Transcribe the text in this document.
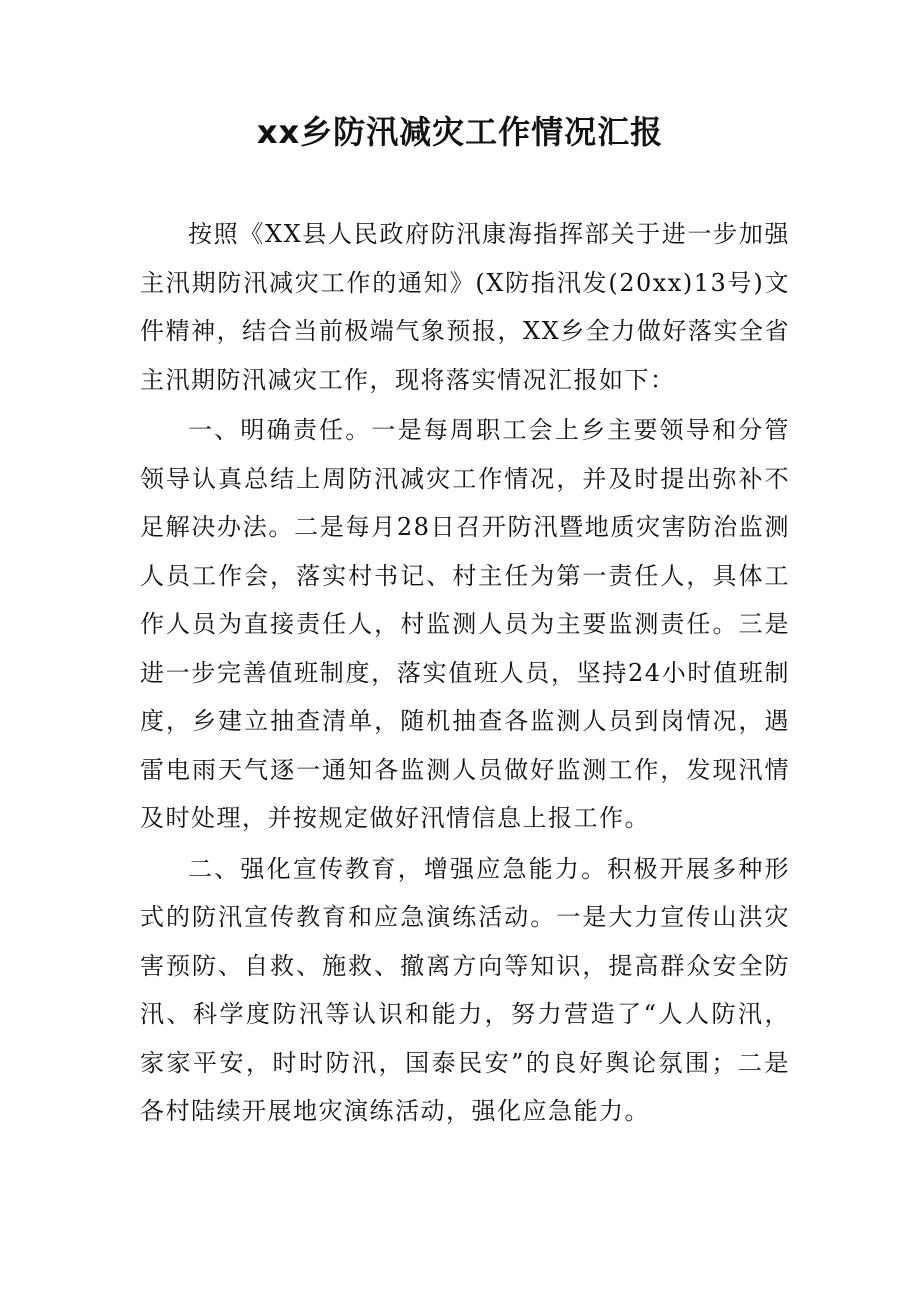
xx乡防汛减灾工作情况汇报

按照《XX县人民政府防汛康海指挥部关于进一步加强主汛期防汛减灾工作的通知》(X防指汛发(20xx)13号)文件精神，结合当前极端气象预报，XX乡全力做好落实全省主汛期防汛减灾工作，现将落实情况汇报如下：

一、明确责任。一是每周职工会上乡主要领导和分管领导认真总结上周防汛减灾工作情况，并及时提出弥补不足解决办法。二是每月28日召开防汛暨地质灾害防治监测人员工作会，落实村书记、村主任为第一责任人，具体工作人员为直接责任人，村监测人员为主要监测责任。三是进一步完善值班制度，落实值班人员，坚持24小时值班制度，乡建立抽查清单，随机抽查各监测人员到岗情况，遇雷电雨天气逐一通知各监测人员做好监测工作，发现汛情及时处理，并按规定做好汛情信息上报工作。

二、强化宣传教育，增强应急能力。积极开展多种形式的防汛宣传教育和应急演练活动。一是大力宣传山洪灾害预防、自救、施救、撤离方向等知识，提高群众安全防汛、科学度防汛等认识和能力，努力营造了“人人防汛，家家平安，时时防汛，国泰民安”的良好舆论氛围；二是各村陆续开展地灾演练活动，强化应急能力。
